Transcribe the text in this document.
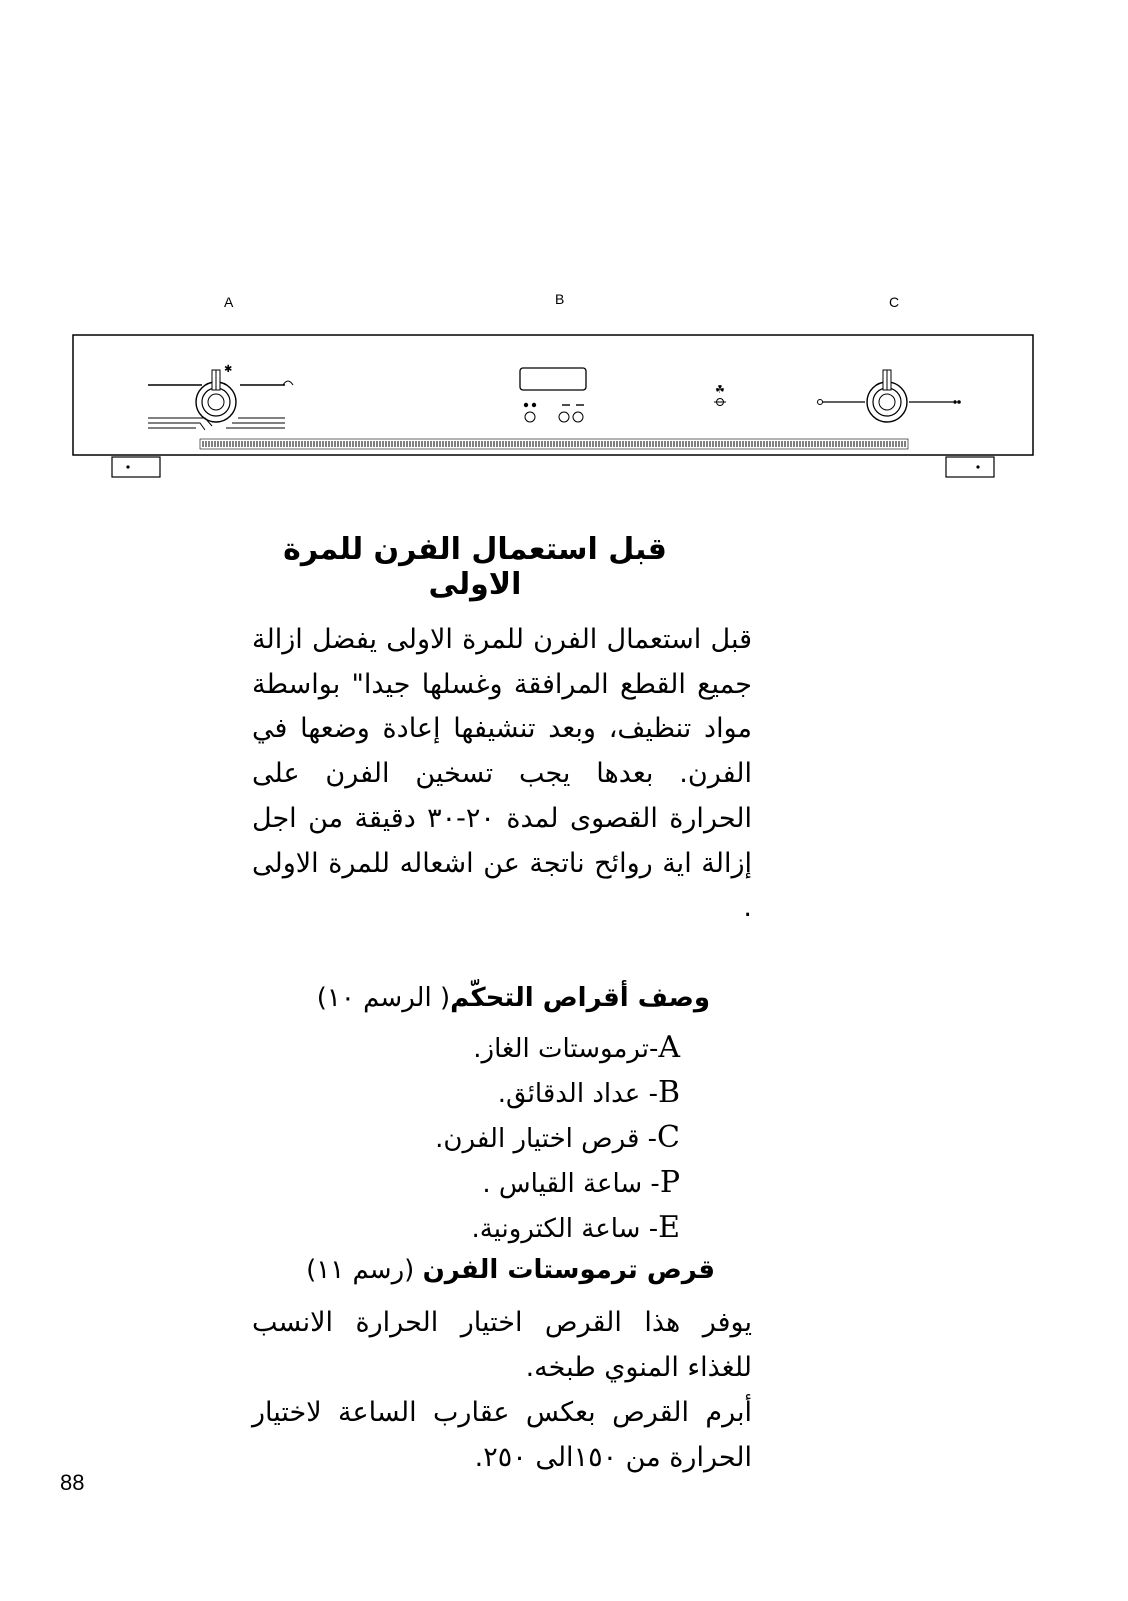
A	B	C
✱
☘
قبل استعمال الفرن للمرة الاولى
قبل استعمال الفرن للمرة الاولى يفضل ازالة جميع القطع المرافقة وغسلها جيدا" بواسطة مواد تنظيف، وبعد تنشيفها إعادة وضعها في الفرن. بعدها يجب تسخين الفرن على الحرارة القصوى لمدة ٢٠-٣٠ دقيقة من اجل إزالة اية روائح ناتجة عن اشعاله للمرة الاولى .
وصف أقراص التحكّم( الرسم ١٠)
A-ترموستات الغاز.
B- عداد الدقائق.
C- قرص اختيار الفرن.
P- ساعة القياس .
E- ساعة الكترونية.
قرص ترموستات الفرن (رسم ١١)
يوفر هذا القرص اختيار الحرارة الانسب للغذاء المنوي طبخه.
أبرم القرص بعكس عقارب الساعة لاختيار الحرارة من ١٥٠الى ٢٥٠.
88
